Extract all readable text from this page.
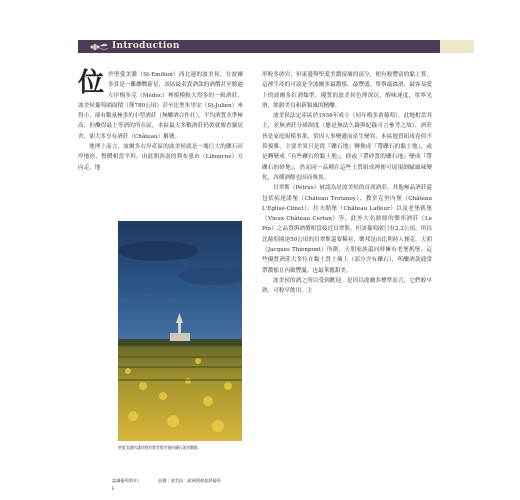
Introduction
位 於聖愛美濃（St-Emilion）西北邊的波美侯，在波爾多算是一難纏戰新星，該區最名貴酒款的酒價甚至勝過左岸梅多克（Médoc）裡規模較大得多的一級酒莊，波美侯葡萄園面積（僅780公頃）甚至比聖朱里安（St-Julien）來得小，卻有數量極多的小型酒莊（無釀酒合作社），平均酒質水準極高，但釀得最上等酒的所在區，本區最大多數酒莊仍裝就像香貓居舍，卻大多享有酒莊（Château）稱號。

地理上而言，波爾多右岸產區的波美侯就是一塊巨大的礫石河岸地形，整體相當平坦，由此朝西南的利布恩市（Libourne）方向走，地

聖愛美濃所讓別墅的教堂塔背後的礫石地景觀勝。

形較多砂岩，但東邊與聖愛美濃接壤的部分，便有較豐富的黏土質，這裡生產的可說是全波爾多最濃郁、最豐盛、單寧最絲滑，最客易愛上的波爾多紅酒類型，優質的波美侯色澤深沉，醇味迷度，單寧光滑，餘韻美良和新穎風的精釀。

波美侯法定產區於1936年成立（同年梅多甫葡萄），此地相當其主，並無酒莊分級制度（應是無法久鑄與紀錄可言參考之故），酒莊皆是家庭規模事業，常因人事變遷而產生變異，本區地質組成卷似不算複雜，主要差異只是從『礫石地』轉換成『帶礫石的黏土地』，或是轉變成『有些礫石的黏土地』，抑或『帶砂質的礫石地』變成『帶礫石的砂地』，然而同一品種在這些土質組成裡便可展現細膩風味變化，各種酒醇也因而殊異。

貝翠斯（Pétrus）被認為是波美侯的首席酒莊，其他極品酒莊還包括拓達諾堡（Château Trotanoy）、教堂克里內堡（Château L'Eglise-Clinet）、拉夫勒堡（Château Lafleur）以及老堡舊堡（Vieux Château Certan）等，此外大名鼎鼎的樂邦酒莊（Le Pin）之品質與酒價相當接近貝翠斯，但該葡萄園只有2.2公頃，所以比葡萄園達50公頃的貝翠斯還要稀有，樂邦是由比利時人賽克．天朋（Jacques Thienpont）所創，天朋家族還同時擁有老堡舊堡，這些優質酒莊大多位在黏土質土壤上（部分含有礫石），所釀酒款通常帶濃郁且內斂豐滿，也最華麗甜美。

波美侯的酒之所以受到歡迎，是因以波爾多標準而言，它們較早熟、可較早飲用，主

認識葡萄酒年）
ii
品種｜波美侯：歐洲酒裡最熱葡萄
